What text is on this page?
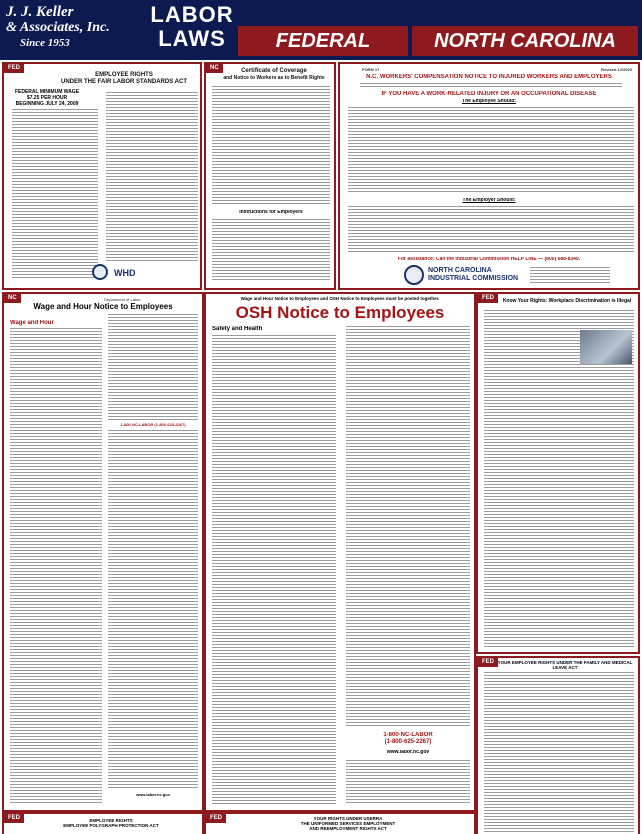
J. J. Keller
& Associates, Inc.
Since 1953
LABOR
LAWS	FEDERAL	NORTH CAROLINA
FED
EMPLOYEE RIGHTS
UNDER THE FAIR LABOR STANDARDS ACT
FEDERAL MINIMUM WAGE
$7.25 PER HOUR
BEGINNING JULY 24, 2009
WHD
NC	Certificate of Coverage
and Notice to Workers as to Benefit Rights
Instructions for Employers
FORM 17	Revised 12/2020
N.C. WORKERS' COMPENSATION NOTICE TO INJURED WORKERS AND EMPLOYERS
IF YOU HAVE A WORK-RELATED INJURY OR AN OCCUPATIONAL DISEASE
The Employee Should:
The Employer Should:
For assistance: Call the Industrial Commission HELP LINE — (800) 688-8349.
NORTH CAROLINA
INDUSTRIAL COMMISSION
NC	Department of Labor
Wage and Hour Notice to Employees
Wage and Hour
1-800-NC-LABOR (1-800-625-2267)
www.labor.nc.gov
Wage and Hour Notice to Employees and OSH Notice to Employees must be posted together.
OSH Notice to Employees
Safety and Health
1-800-NC-LABOR
(1-800-625-2267)
www.labor.nc.gov
FED	Know Your Rights: Workplace Discrimination is Illegal
FED	YOUR RIGHTS UNDER USERRA
THE UNIFORMED SERVICES EMPLOYMENT
AND REEMPLOYMENT RIGHTS ACT
FED YOUR EMPLOYEE RIGHTS UNDER THE FAMILY AND MEDICAL LEAVE ACT
FED	EMPLOYEE RIGHTS
EMPLOYEE POLYGRAPH PROTECTION ACT
